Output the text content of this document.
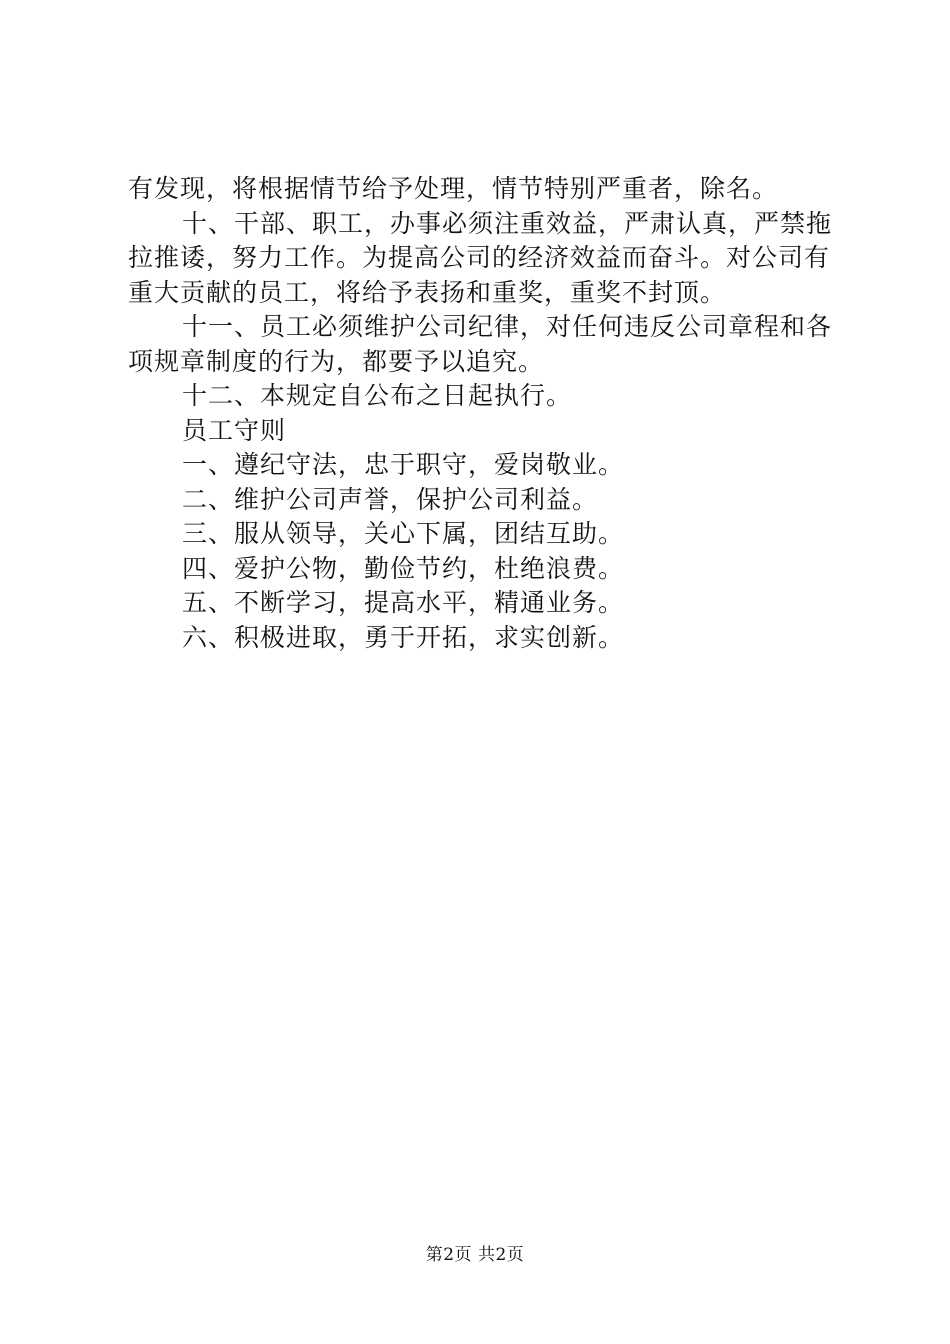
有发现，将根据情节给予处理，情节特别严重者，除名。

十、干部、职工，办事必须注重效益，严肃认真，严禁拖拉推诿，努力工作。为提高公司的经济效益而奋斗。对公司有重大贡献的员工，将给予表扬和重奖，重奖不封顶。

十一、员工必须维护公司纪律，对任何违反公司章程和各项规章制度的行为，都要予以追究。

十二、本规定自公布之日起执行。

员工守则

一、遵纪守法，忠于职守，爱岗敬业。

二、维护公司声誉，保护公司利益。

三、服从领导，关心下属，团结互助。

四、爱护公物，勤俭节约，杜绝浪费。

五、不断学习，提高水平，精通业务。

六、积极进取，勇于开拓，求实创新。

第2页 共2页
